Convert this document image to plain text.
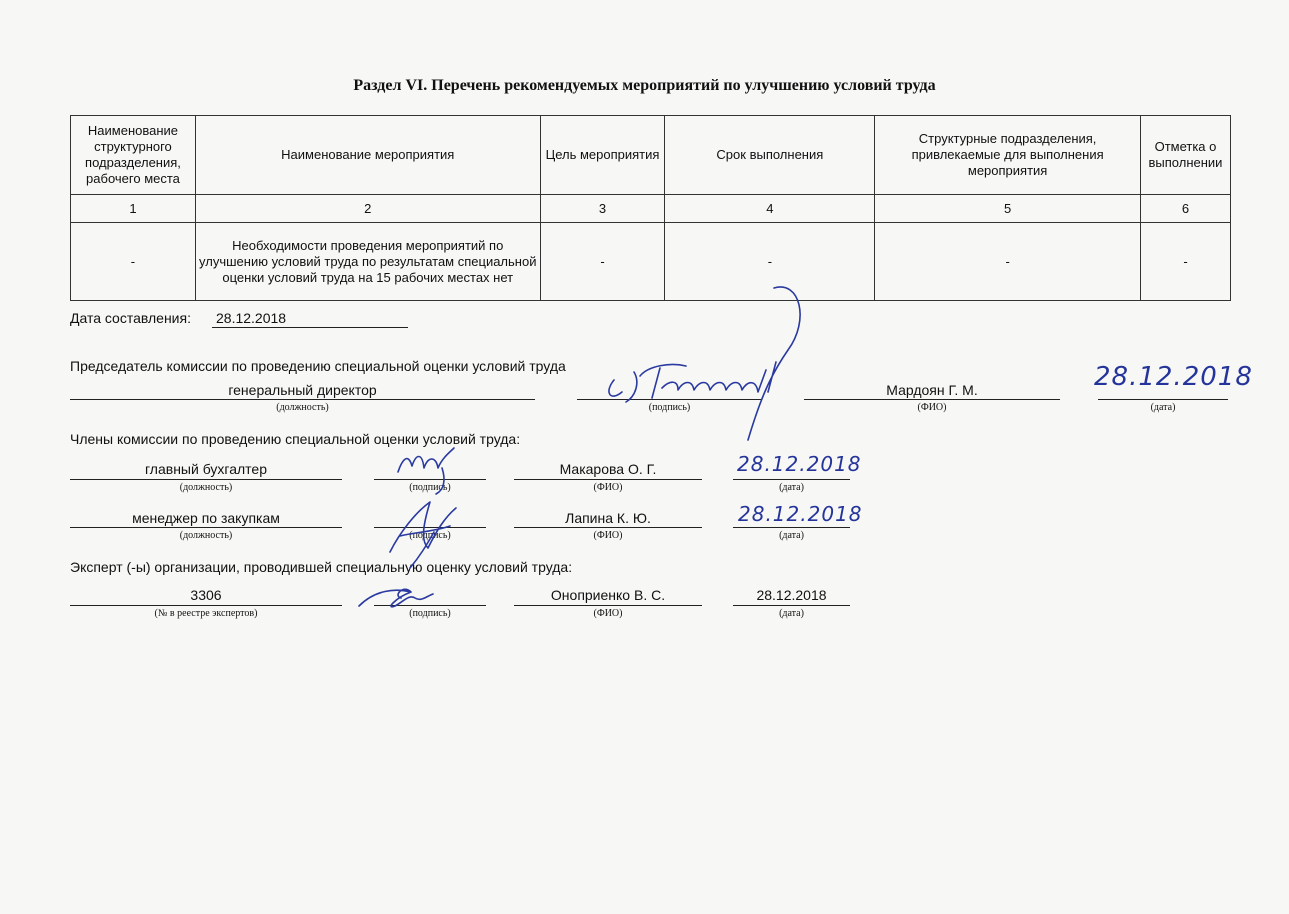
Раздел VI. Перечень рекомендуемых мероприятий по улучшению условий труда
Наименование структурного подразделения, рабочего места	Наименование мероприятия	Цель мероприятия	Срок выполнения	Структурные подразделения, привлекаемые для выполнения мероприятия	Отметка о выполнении
1	2	3	4	5	6
-	Необходимости проведения мероприятий по улучшению условий труда по результатам специальной оценки условий труда на 15 рабочих местах нет	-	-	-	-
Дата составления: 28.12.2018
Председатель комиссии по проведению специальной оценки условий труда
генеральный директор
(должность)	(подпись)
Мардоян Г. М.
(ФИО)
28.12.2018
(дата)
Члены комиссии по проведению специальной оценки условий труда:
главный бухгалтер
(должность)	(подпись)
Макарова О. Г.
(ФИО)
28.12.2018
(дата)
менеджер по закупкам
(должность)	(подпись)
Лапина К. Ю.
(ФИО)
28.12.2018
(дата)
Эксперт (-ы) организации, проводившей специальную оценку условий труда:
3306
(№ в реестре экспертов)	(подпись)
Оноприенко В. С.
(ФИО)
28.12.2018
(дата)
